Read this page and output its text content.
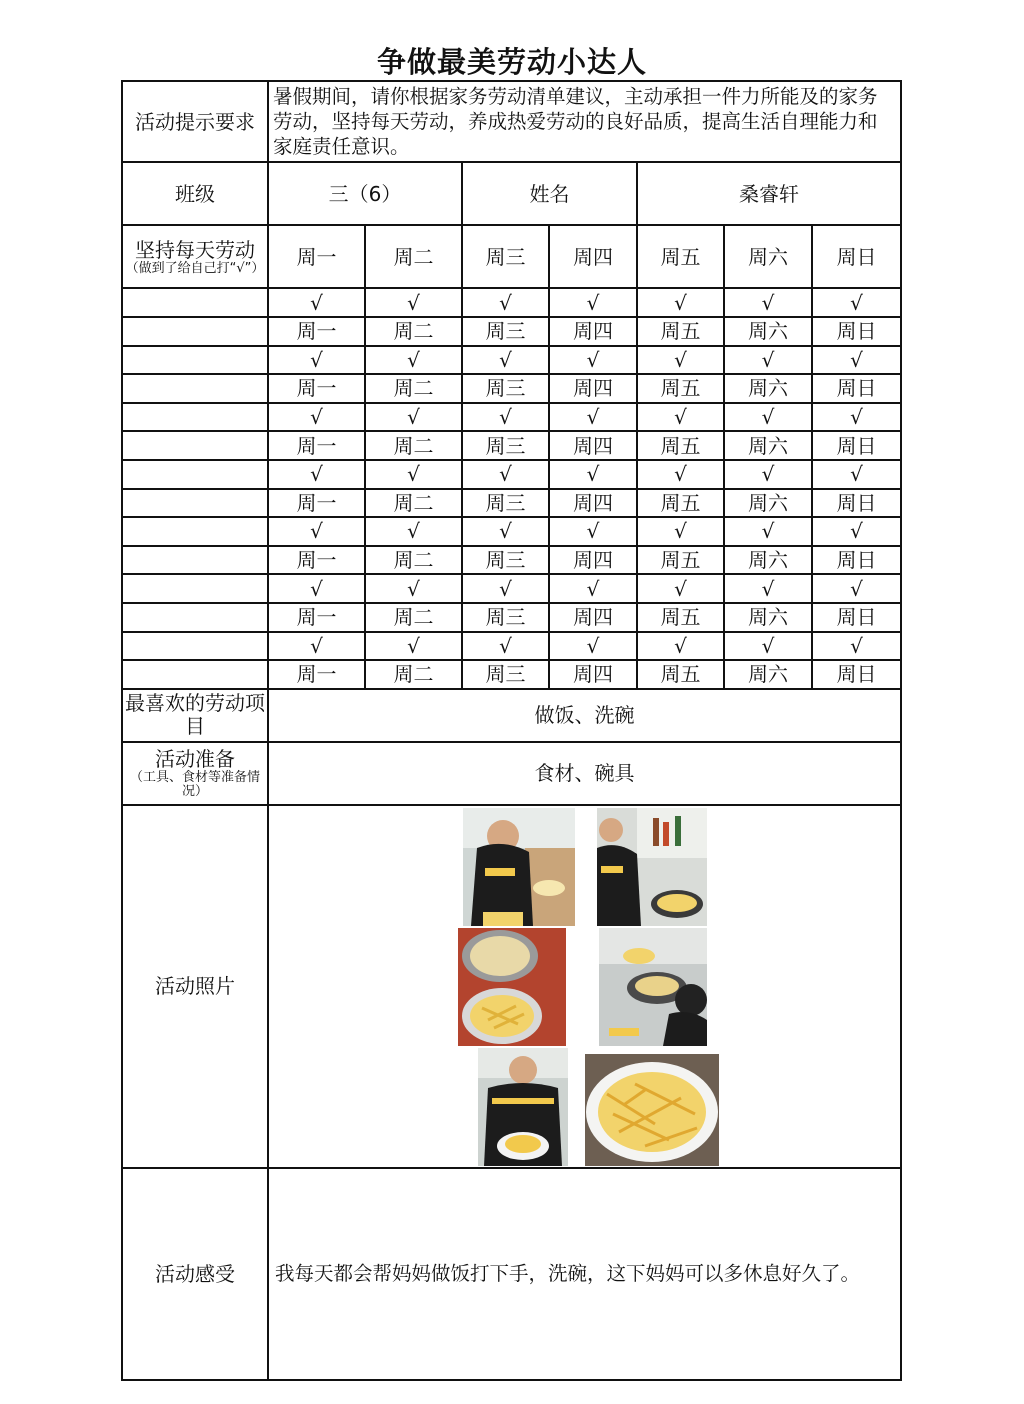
争做最美劳动小达人
活动提示要求	暑假期间，请你根据家务劳动清单建议，主动承担一件力所能及的家务劳动，坚持每天劳动，养成热爱劳动的良好品质，提高生活自理能力和家庭责任意识。						
班级	三（6）		姓名		桑睿轩		

坚持每天劳动
（做到了给自己打“√”）	周一	周二	周三	周四	周五	周六	周日
	√	√	√	√	√	√	√
	周一	周二	周三	周四	周五	周六	周日
	√	√	√	√	√	√	√
	周一	周二	周三	周四	周五	周六	周日
	√	√	√	√	√	√	√
	周一	周二	周三	周四	周五	周六	周日
	√	√	√	√	√	√	√
	周一	周二	周三	周四	周五	周六	周日
	√	√	√	√	√	√	√
	周一	周二	周三	周四	周五	周六	周日
	√	√	√	√	√	√	√
	周一	周二	周三	周四	周五	周六	周日
	√	√	√	√	√	√	√
	周一	周二	周三	周四	周五	周六	周日
最喜欢的劳动项目	做饭、洗碗						

活动准备
（工具、食材等准备情况）	食材、碗具						
活动照片	

活动感受	我每天都会帮妈妈做饭打下手，洗碗，这下妈妈可以多休息好久了。						
